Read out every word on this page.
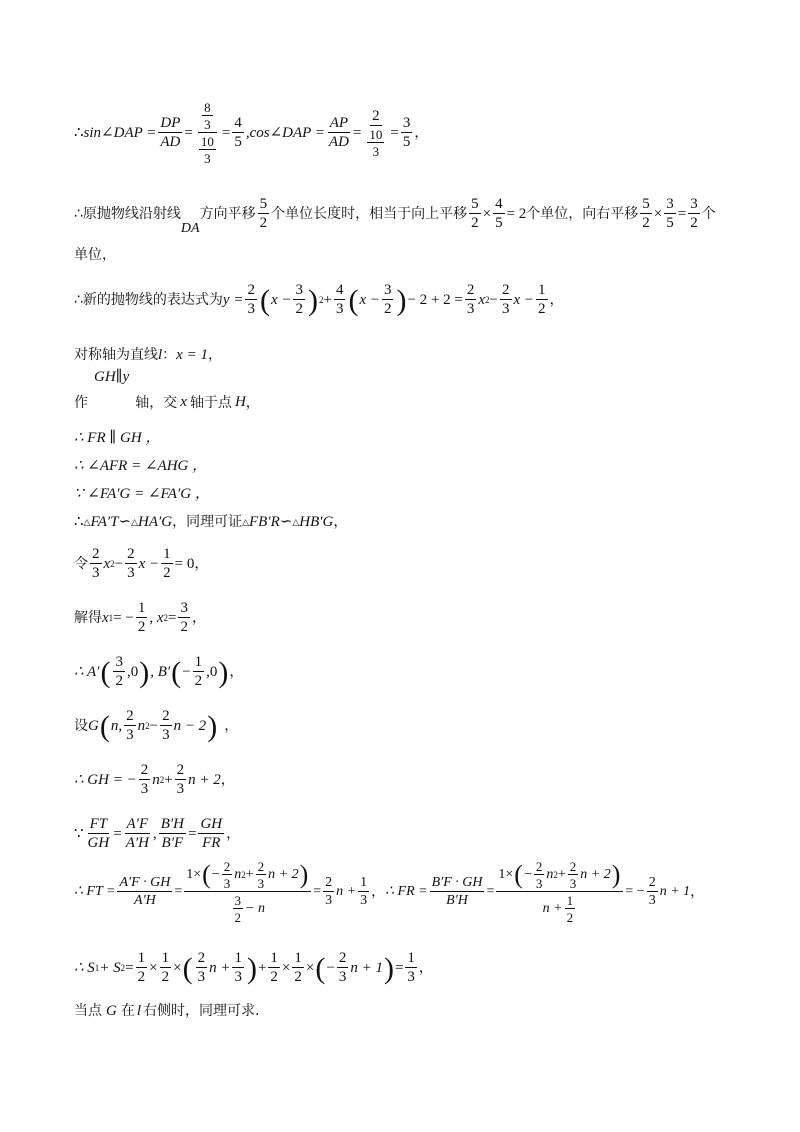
∴ sin∠DAP = $\frac{DP}{AD} = \frac{\frac{8}{3}}{\frac{10}{3}} = \frac{4}{5}$ ,cos∠DAP = $\frac{AP}{AD} = \frac{2}{\frac{10}{3}} = \frac{3}{5}$ ，
∴原抛物线沿射线
DA
方向平移 $\frac{5}{2}$ 个单位长度时，相当于向上平移 $\frac{5}{2} \times \frac{4}{5} = 2$ 个单位，向右平移 $\frac{5}{2} \times \frac{3}{5} = \frac{3}{2}$ 个
单位，
∴新的抛物线的表达式为 $y = \frac{2}{3}$ ( $x - \frac{3}{2}$ ) $2 + \frac{4}{3}$ ( $x - \frac{3}{2}$ ) − $2 + 2 = \frac{2}{3}$ x $2 - \frac{2}{3}$ $x - \frac{1}{2}$ ，
对称轴为直线 l ： x = 1 ，
作
GH∥y
轴，交 x 轴于点 H ，
∴ FR ∥ GH ，
∴ ∠AFR = ∠AHG ，
∵ ∠FA′G = ∠FA′G ，
∴ △ FA′T∽ △ HA′G ，同理可证 △ FB′R∽ △ HB′G ，
令 $\frac{2}{3}$ x $2 - \frac{2}{3}$ $x - \frac{1}{2} = 0$ ，
解得 x 1 = − $\frac{1}{2}$ , x $2 = \frac{3}{2}$ ，
∴ A′ ( $\frac{3}{2} ,0$ ) , B′ ( − $\frac{1}{2} ,0$ ) ，
设 G ( n, $\frac{2}{3}$ n $2 - \frac{2}{3}$ n − 2 ) ，
∴ GH = − $\frac{2}{3}$ n $2 + \frac{2}{3}$ n + 2 ，
∵ $\frac{FT}{GH} = \frac{A'F}{A'H}$ , $\frac{B'H}{B'F} = \frac{GH}{FR}$ ，
∴ FT = $\frac{A'F \cdot GH}{A'H} = \frac{1\times ( - \frac{2}{3} n 2 + \frac{2}{3} n + 2 )}{\frac{3}{2} - n} = \frac{2}{3}$ $n + \frac{1}{3}$ ， ∴ FR = $\frac{B'F \cdot GH}{B'H} = \frac{1\times ( - \frac{2}{3} n 2 + \frac{2}{3} n + 2 )}{n + \frac{1}{2}}$ = − $\frac{2}{3}$ n + 1 ，
∴ S 1 + S $2 = \frac{1}{2} \times \frac{1}{2}$ × ( $\frac{2}{3}$ $n + \frac{1}{3}$ ) + $\frac{1}{2} \times \frac{1}{2}$ × ( − $\frac{2}{3}$ n + 1 ) = $\frac{1}{3}$ ，
当点 G 在 l 右侧时，同理可求.
